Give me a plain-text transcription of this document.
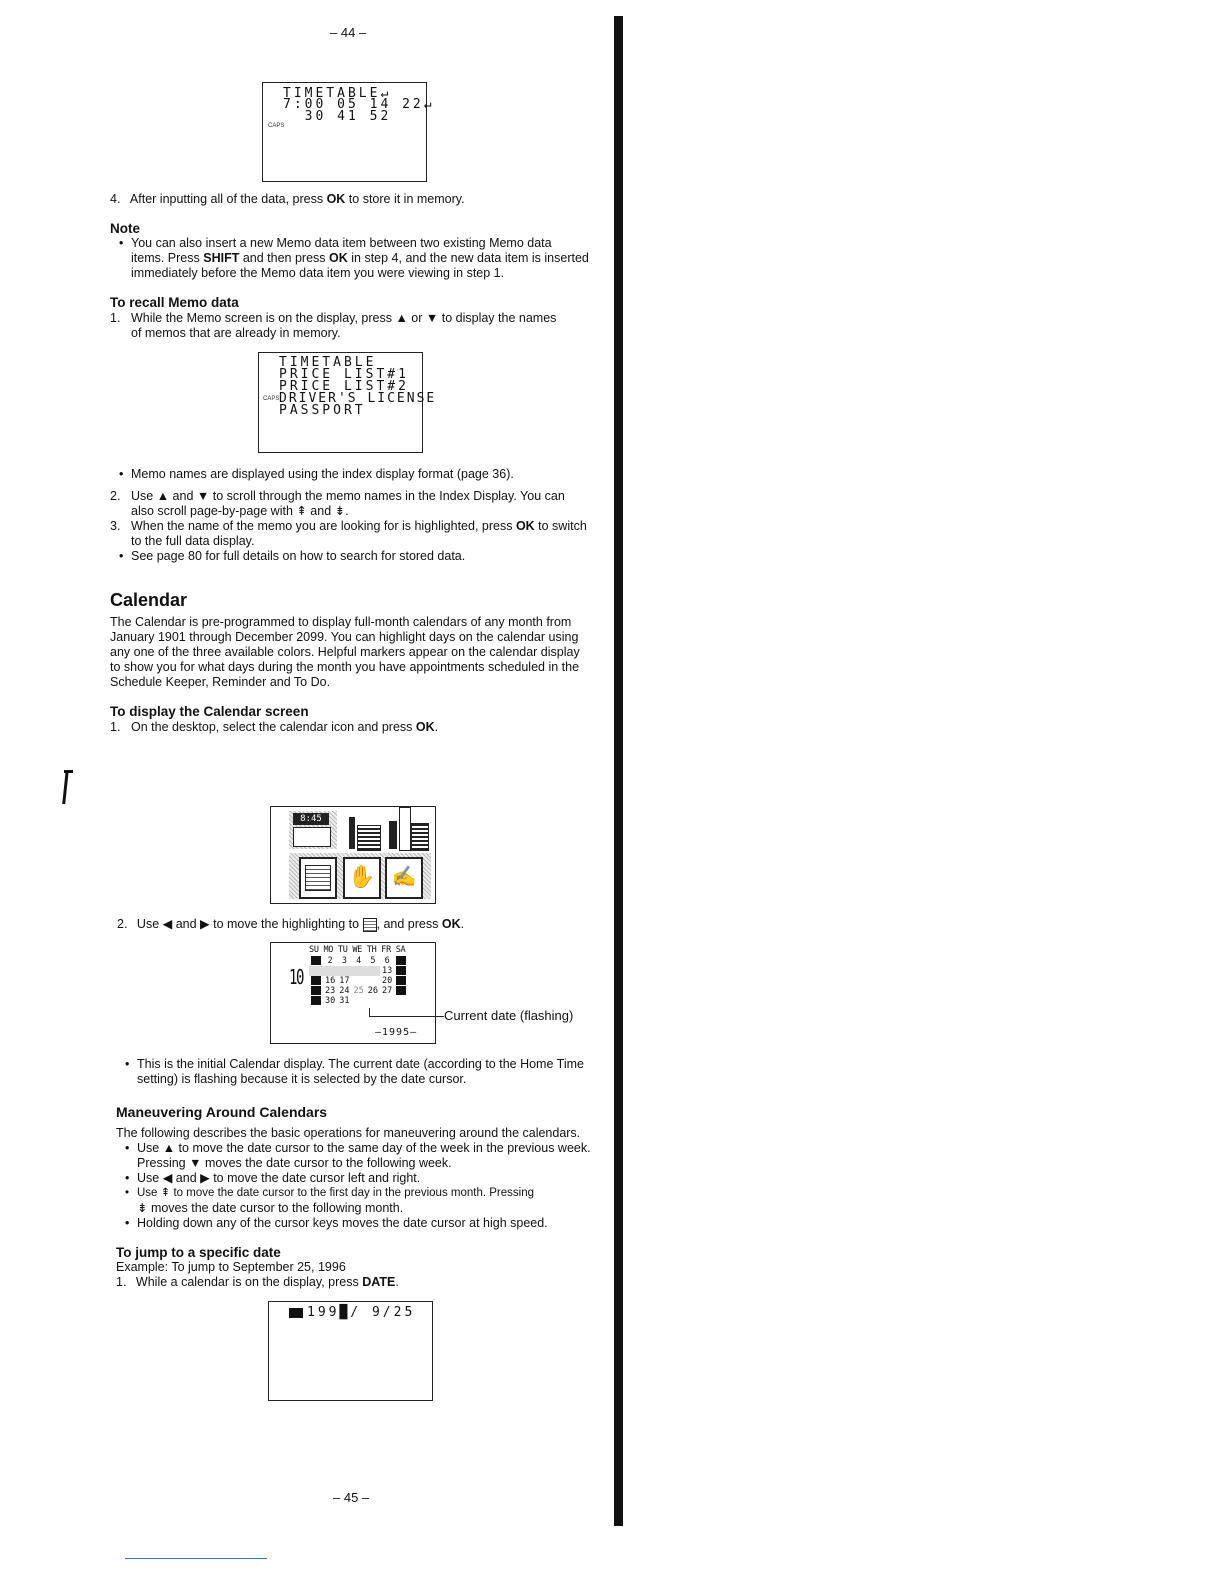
– 44 –
TIMETABLE↵
7:00 05 14 22↵
30 41 52
CAPS
4. After inputting all of the data, press OK to store it in memory.
Note
• You can also insert a new Memo data item between two existing Memo data
items. Press SHIFT and then press OK in step 4, and the new data item is inserted
immediately before the Memo data item you were viewing in step 1.
To recall Memo data
1. While the Memo screen is on the display, press ▲ or ▼ to display the names
of memos that are already in memory.
TIMETABLE
PRICE LIST#1
PRICE LIST#2
DRIVER'S LICENSE
PASSPORT
CAPS
• Memo names are displayed using the index display format (page 36).
2. Use ▲ and ▼ to scroll through the memo names in the Index Display. You can
also scroll page-by-page with ⇞ and ⇟.
3. When the name of the memo you are looking for is highlighted, press OK to switch
to the full data display.
• See page 80 for full details on how to search for stored data.
Calendar
The Calendar is pre-programmed to display full-month calendars of any month from
January 1901 through December 2099. You can highlight days on the calendar using
any one of the three available colors. Helpful markers appear on the calendar display
to show you for what days during the month you have appointments scheduled in the
Schedule Keeper, Reminder and To Do.
To display the Calendar screen
1. On the desktop, select the calendar icon and press OK.
8:45
✋ ✍
2. Use ◀ and ▶ to move the highlighting to , and press OK.
SU MO TU WE TH FR SA
10
	2	3	4	5	6	
					13	
	16	17			20	
	23	24	25	26	27	
	30	31				
—1995—
Current date (flashing)
• This is the initial Calendar display. The current date (according to the Home Time
setting) is flashing because it is selected by the date cursor.
Maneuvering Around Calendars
The following describes the basic operations for maneuvering around the calendars.
• Use ▲ to move the date cursor to the same day of the week in the previous week.
Pressing ▼ moves the date cursor to the following week.
• Use ◀ and ▶ to move the date cursor left and right.
• Use ⇞ to move the date cursor to the first day in the previous month. Pressing
⇟ moves the date cursor to the following month.
• Holding down any of the cursor keys moves the date cursor at high speed.
To jump to a specific date
Example: To jump to September 25, 1996
1. While a calendar is on the display, press DATE.
199█/ 9/25
– 45 –
